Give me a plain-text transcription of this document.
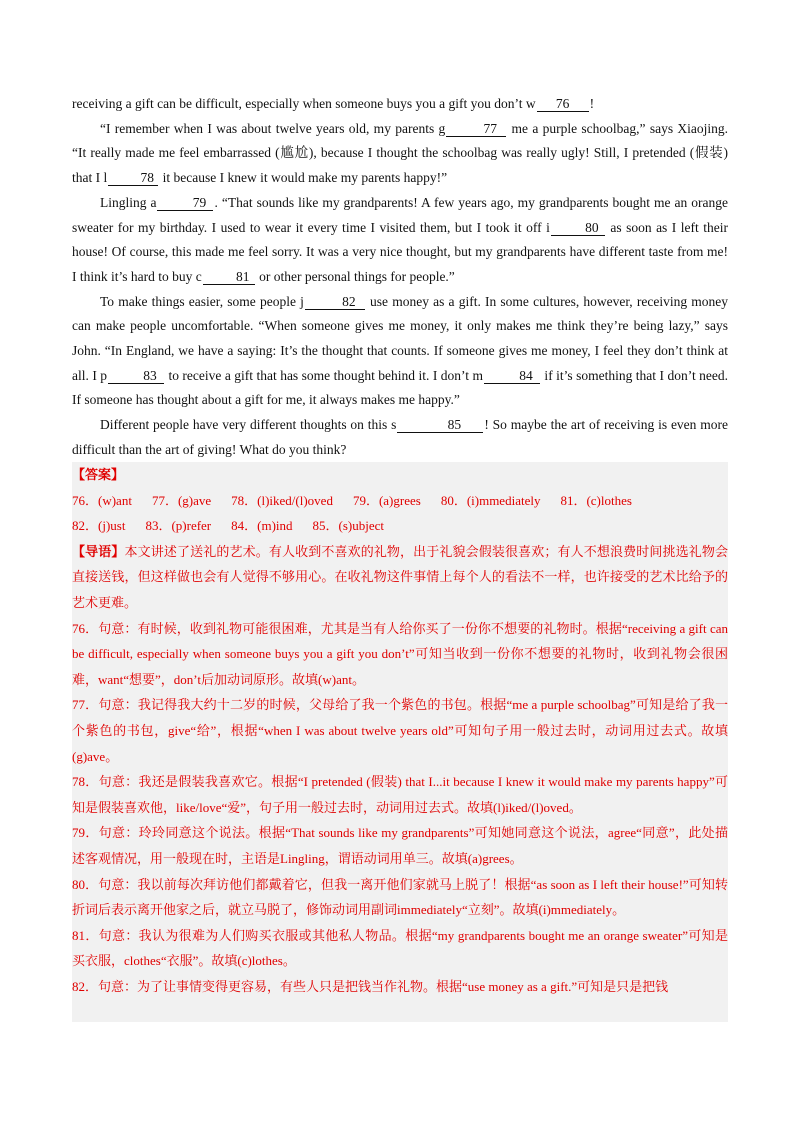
receiving a gift can be difficult, especially when someone buys you a gift you don’t w 76 !

“I remember when I was about twelve years old, my parents g	77 me a purple schoolbag,” says Xiaojing. “It really made me feel embarrassed (尴尬), because I thought the schoolbag was really ugly! Still, I pretended (假装) that I l 78 it because I knew it would make my parents happy!”

Lingling a	79 . “That sounds like my grandparents! A few years ago, my grandparents bought me an orange sweater for my birthday. I used to wear it every time I visited them, but I took it off i	80 as soon as I left their house! Of course, this made me feel sorry. It was a very nice thought, but my grandparents have different taste from me! I think it’s hard to buy c	81 or other personal things for people.”

To make things easier, some people j	82 use money as a gift. In some cultures, however, receiving money can make people uncomfortable. “When someone gives me money, it only makes me think they’re being lazy,” says John. “In England, we have a saying: It’s the thought that counts. If someone gives me money, I feel they don’t think at all. I p	83 to receive a gift that has some thought behind it. I don’t m	84 if it’s something that I don’t need. If someone has thought about a gift for me, it always makes me happy.”

Different people have very different thoughts on this s	85 ! So maybe the art of receiving is even more difficult than the art of giving! What do you think?

【答案】

76．(w)ant 77．(g)ave 78．(l)iked/(l)oved 79．(a)grees 80．(i)mmediately 81．(c)lothes
82．(j)ust 83．(p)refer 84．(m)ind 85．(s)ubject

【导语】本文讲述了送礼的艺术。有人收到不喜欢的礼物，出于礼貌会假装很喜欢；有人不想浪费时间挑选礼物会直接送钱，但这样做也会有人觉得不够用心。在收礼物这件事情上每个人的看法不一样，也许接受的艺术比给予的艺术更难。

76．句意：有时候，收到礼物可能很困难，尤其是当有人给你买了一份你不想要的礼物时。根据“receiving a gift can be difficult, especially when someone buys you a gift you don’t”可知当收到一份你不想要的礼物时，收到礼物会很困难，want“想要”，don’t后加动词原形。故填(w)ant。

77．句意：我记得我大约十二岁的时候，父母给了我一个紫色的书包。根据“me a purple schoolbag”可知是给了我一个紫色的书包，give“给”，根据“when I was about twelve years old”可知句子用一般过去时，动词用过去式。故填(g)ave。

78．句意：我还是假装我喜欢它。根据“I pretended (假装) that I...it because I knew it would make my parents happy”可知是假装喜欢他，like/love“爱”，句子用一般过去时，动词用过去式。故填(l)iked/(l)oved。

79．句意：玲玲同意这个说法。根据“That sounds like my grandparents”可知她同意这个说法，agree“同意”，此处描述客观情况，用一般现在时，主语是Lingling，谓语动词用单三。故填(a)grees。

80．句意：我以前每次拜访他们都戴着它，但我一离开他们家就马上脱了！根据“as soon as I left their house!”可知转折词后表示离开他家之后，就立马脱了，修饰动词用副词immediately“立刻”。故填(i)mmediately。

81．句意：我认为很难为人们购买衣服或其他私人物品。根据“my grandparents bought me an orange sweater”可知是买衣服，clothes“衣服”。故填(c)lothes。

82．句意：为了让事情变得更容易，有些人只是把钱当作礼物。根据“use money as a gift.”可知是只是把钱
